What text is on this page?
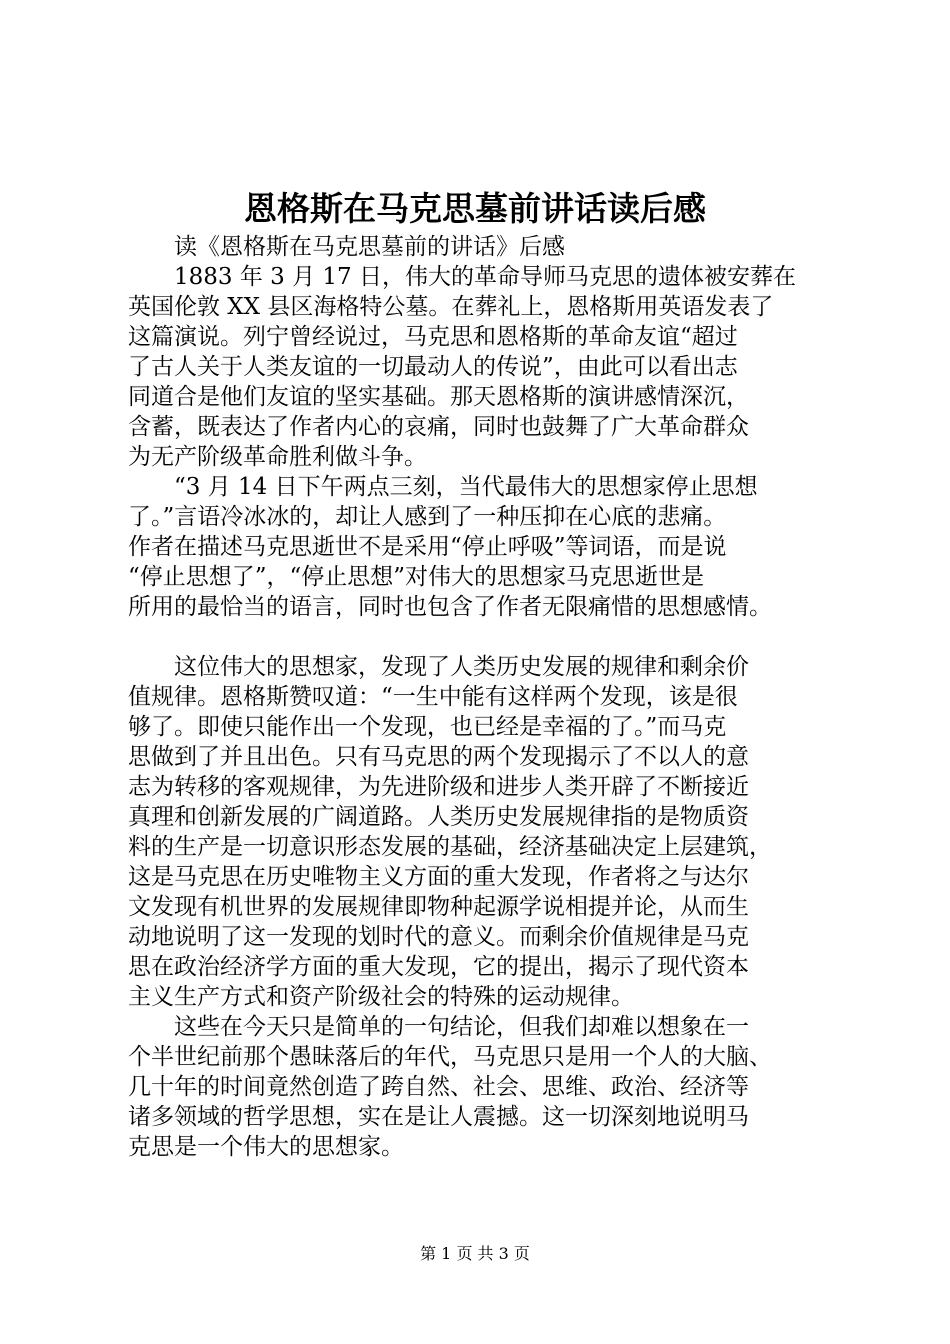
恩格斯在马克思墓前讲话读后感
　　读《恩格斯在马克思墓前的讲话》后感
　　1883 年 3 月 17 日，伟大的革命导师马克思的遗体被安葬在
英国伦敦 XX 县区海格特公墓。在葬礼上，恩格斯用英语发表了
这篇演说。列宁曾经说过，马克思和恩格斯的革命友谊“超过
了古人关于人类友谊的一切最动人的传说”，由此可以看出志
同道合是他们友谊的坚实基础。那天恩格斯的演讲感情深沉，
含蓄，既表达了作者内心的哀痛，同时也鼓舞了广大革命群众
为无产阶级革命胜利做斗争。
　　“3 月 14 日下午两点三刻，当代最伟大的思想家停止思想
了。”言语冷冰冰的，却让人感到了一种压抑在心底的悲痛。
作者在描述马克思逝世不是采用“停止呼吸”等词语，而是说
“停止思想了”，“停止思想”对伟大的思想家马克思逝世是
所用的最恰当的语言，同时也包含了作者无限痛惜的思想感情。
　　这位伟大的思想家，发现了人类历史发展的规律和剩余价
值规律。恩格斯赞叹道：“一生中能有这样两个发现，该是很
够了。即使只能作出一个发现，也已经是幸福的了。”而马克
思做到了并且出色。只有马克思的两个发现揭示了不以人的意
志为转移的客观规律，为先进阶级和进步人类开辟了不断接近
真理和创新发展的广阔道路。人类历史发展规律指的是物质资
料的生产是一切意识形态发展的基础，经济基础决定上层建筑，
这是马克思在历史唯物主义方面的重大发现，作者将之与达尔
文发现有机世界的发展规律即物种起源学说相提并论，从而生
动地说明了这一发现的划时代的意义。而剩余价值规律是马克
思在政治经济学方面的重大发现，它的提出，揭示了现代资本
主义生产方式和资产阶级社会的特殊的运动规律。
　　这些在今天只是简单的一句结论，但我们却难以想象在一
个半世纪前那个愚昧落后的年代，马克思只是用一个人的大脑、
几十年的时间竟然创造了跨自然、社会、思维、政治、经济等
诸多领域的哲学思想，实在是让人震撼。这一切深刻地说明马
克思是一个伟大的思想家。
第 1 页 共 3 页
